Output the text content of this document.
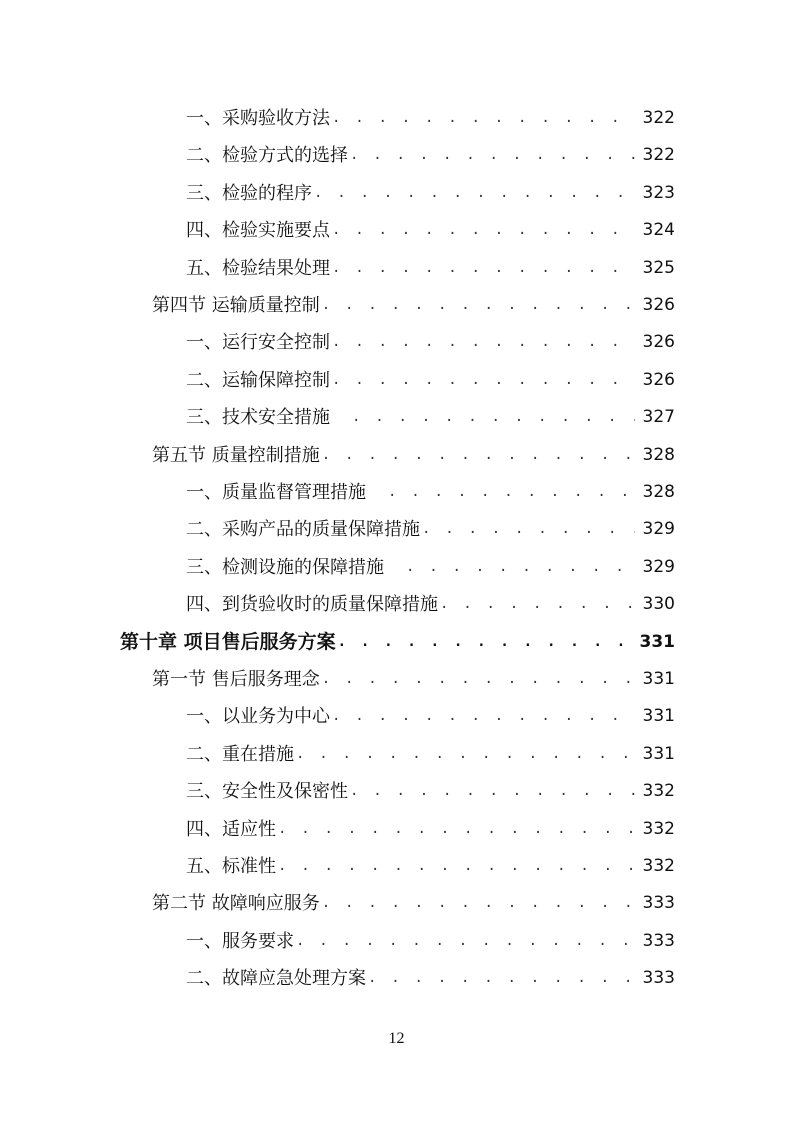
一、采购验收方法 . . .	322
二、检验方式的选择 . . .	322
三、检验的程序 . . .	323
四、检验实施要点 . . .	324
五、检验结果处理 . . .	325
第四节 运输质量控制 . . .	326
一、运行安全控制 . . .	326
二、运输保障控制 . . .	326
三、技术安全措施 . . .	327
第五节 质量控制措施 . . .	328
一、质量监督管理措施 . . .	328
二、采购产品的质量保障措施 . . .	329
三、检测设施的保障措施 . . .	329
四、到货验收时的质量保障措施 . . .	330
第十章 项目售后服务方案 . . .	331
第一节 售后服务理念 . . .	331
一、以业务为中心 . . .	331
二、重在措施 . . .	331
三、安全性及保密性 . . .	332
四、适应性 . . .	332
五、标准性 . . .	332
第二节 故障响应服务 . . .	333
一、服务要求 . . .	333
二、故障应急处理方案 . . .	333
12
